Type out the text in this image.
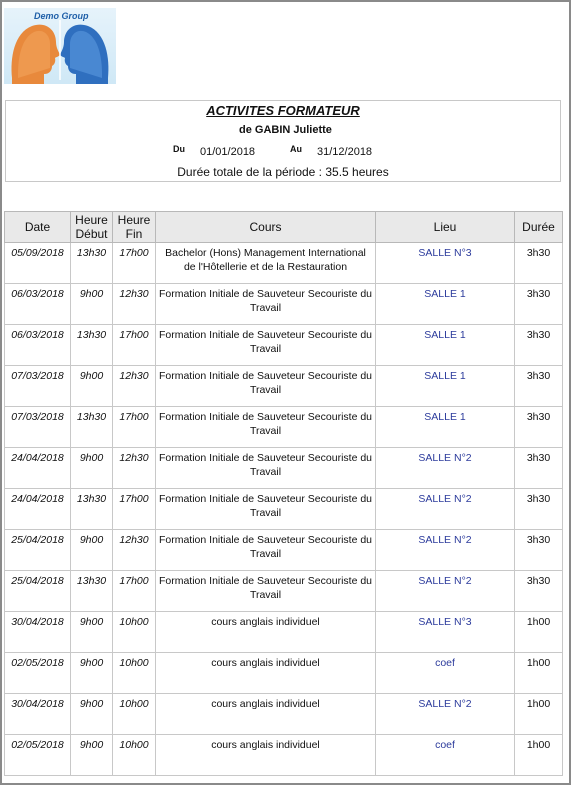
Demo Group
ACTIVITES FORMATEUR
de GABIN Juliette
Du 01/01/2018	Au 31/12/2018
Durée totale de la période : 35.5 heures
Date	Heure Début	Heure Fin	Cours	Lieu	Durée
05/09/2018	13h30	17h00	Bachelor (Hons) Management International de l'Hôtellerie et de la Restauration	SALLE N°3	3h30
06/03/2018	9h00	12h30	Formation Initiale de Sauveteur Secouriste du Travail	SALLE 1	3h30
06/03/2018	13h30	17h00	Formation Initiale de Sauveteur Secouriste du Travail	SALLE 1	3h30
07/03/2018	9h00	12h30	Formation Initiale de Sauveteur Secouriste du Travail	SALLE 1	3h30
07/03/2018	13h30	17h00	Formation Initiale de Sauveteur Secouriste du Travail	SALLE 1	3h30
24/04/2018	9h00	12h30	Formation Initiale de Sauveteur Secouriste du Travail	SALLE N°2	3h30
24/04/2018	13h30	17h00	Formation Initiale de Sauveteur Secouriste du Travail	SALLE N°2	3h30
25/04/2018	9h00	12h30	Formation Initiale de Sauveteur Secouriste du Travail	SALLE N°2	3h30
25/04/2018	13h30	17h00	Formation Initiale de Sauveteur Secouriste du Travail	SALLE N°2	3h30
30/04/2018	9h00	10h00	cours anglais individuel	SALLE N°3	1h00
02/05/2018	9h00	10h00	cours anglais individuel	coef	1h00
30/04/2018	9h00	10h00	cours anglais individuel	SALLE N°2	1h00
02/05/2018	9h00	10h00	cours anglais individuel	coef	1h00
